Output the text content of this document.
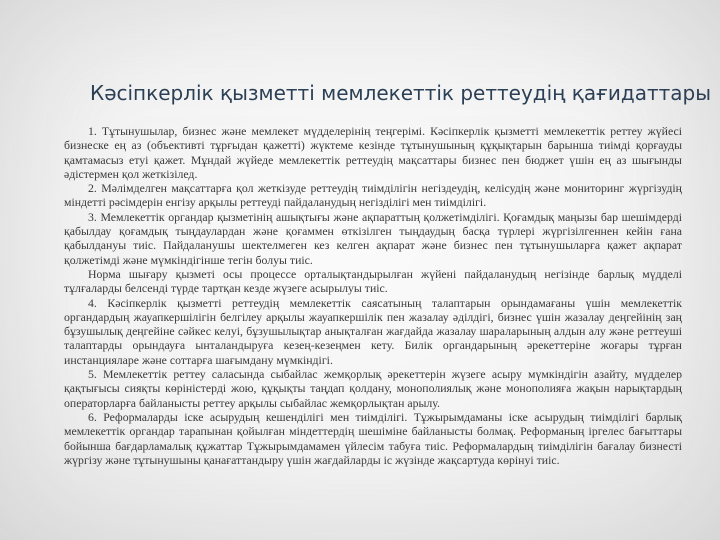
Кәсіпкерлік қызметті мемлекеттік реттеудің қағидаттары

1. Тұтынушылар, бизнес және мемлекет мүдделерінің теңгерімі. Кәсіпкерлік қызметті мемлекеттік реттеу жүйесі бизнеске ең аз (объективті тұрғыдан қажетті) жүктеме кезінде тұтынушының құқықтарын барынша тиімді қорғауды қамтамасыз етуі қажет. Мұндай жүйеде мемлекеттік реттеудің мақсаттары бизнес пен бюджет үшін ең аз шығынды әдістермен қол жеткізілед.

2. Мәлімделген мақсаттарға қол жеткізуде реттеудің тиімділігін негіздеудің, келісудің және мониторинг жүргізудің міндетті рәсімдерін енгізу арқылы реттеуді пайдаланудың негізділігі мен тиімділігі.

3. Мемлекеттік органдар қызметінің ашықтығы және ақпараттың қолжетімділігі. Қоғамдық маңызы бар шешімдерді қабылдау қоғамдық тыңдаулардан және қоғаммен өткізілген тыңдаудың басқа түрлері жүргізілгеннен кейін ғана қабылдануы тиіс. Пайдаланушы шектелмеген кез келген ақпарат және бизнес пен тұтынушыларға қажет ақпарат қолжетімді және мүмкіндігінше тегін болуы тиіс.

Норма шығару қызметі осы процессе орталықтандырылған жүйені пайдаланудың негізінде барлық мүдделі тұлғаларды белсенді түрде тартқан кезде жүзеге асырылуы тиіс.

4. Кәсіпкерлік қызметті реттеудің мемлекеттік саясатының талаптарын орындамағаны үшін мемлекеттік органдардың жауапкершілігін белгілеу арқылы жауапкершілік пен жазалау әділдігі, бизнес үшін жазалау деңгейінің заң бұзушылық деңгейіне сәйкес келуі, бұзушылықтар анықталған жағдайда жазалау шараларының алдын алу және реттеуші талаптарды орындауға ынталандыруға кезең-кезеңмен кету. Билік органдарының әрекеттеріне жоғары тұрған инстанцияларе және соттарға шағымдану мүмкіндігі.

5. Мемлекеттік реттеу саласында сыбайлас жемқорлық әрекеттерін жүзеге асыру мүмкіндігін азайту, мүдделер қақтығысы сияқты көріністерді жою, құқықты таңдап қолдану, монополиялық және монополияға жақын нарықтардың операторларға байланысты реттеу арқылы сыбайлас жемқорлықтан арылу.

6. Реформаларды іске асырудың кешенділігі мен тиімділігі. Тұжырымдаманы іске асырудың тиімділігі барлық мемлекеттік органдар тарапынан қойылған міндеттердің шешіміне байланысты болмақ. Реформаның іргелес бағыттары бойынша бағдарламалық құжаттар Тұжырымдамамен үйлесім табуға тиіс. Реформалардың тиімділігін бағалау бизнесті жүргізу және тұтынушыны қанағаттандыру үшін жағдайларды іс жүзінде жақсартуда көрінуі тиіс.
